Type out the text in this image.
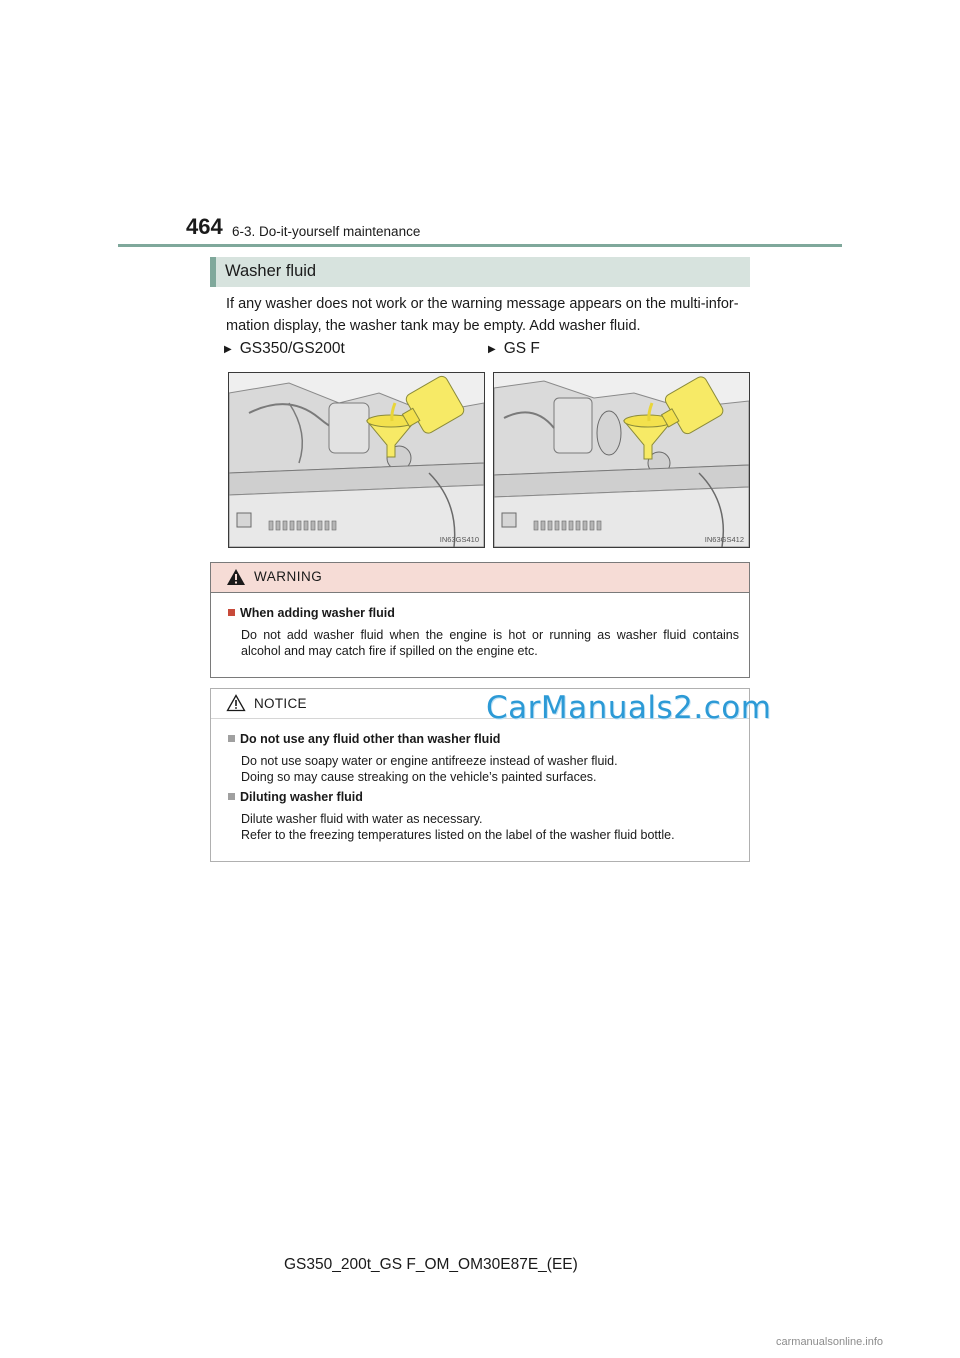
464 6-3. Do-it-yourself maintenance
Washer fluid
If any washer does not work or the warning message appears on the multi-infor-mation display, the washer tank may be empty. Add washer fluid.
▶ GS350/GS200t	▶ GS F
IN63GS410	IN63GS412
WARNING
When adding washer fluid
Do not add washer fluid when the engine is hot or running as washer fluid contains alcohol and may catch fire if spilled on the engine etc.
NOTICE
Do not use any fluid other than washer fluid
Do not use soapy water or engine antifreeze instead of washer fluid.
Doing so may cause streaking on the vehicle’s painted surfaces.
Diluting washer fluid
Dilute washer fluid with water as necessary.
Refer to the freezing temperatures listed on the label of the washer fluid bottle.
CarManuals2.com
GS350_200t_GS F_OM_OM30E87E_(EE)
carmanualsonline.info
